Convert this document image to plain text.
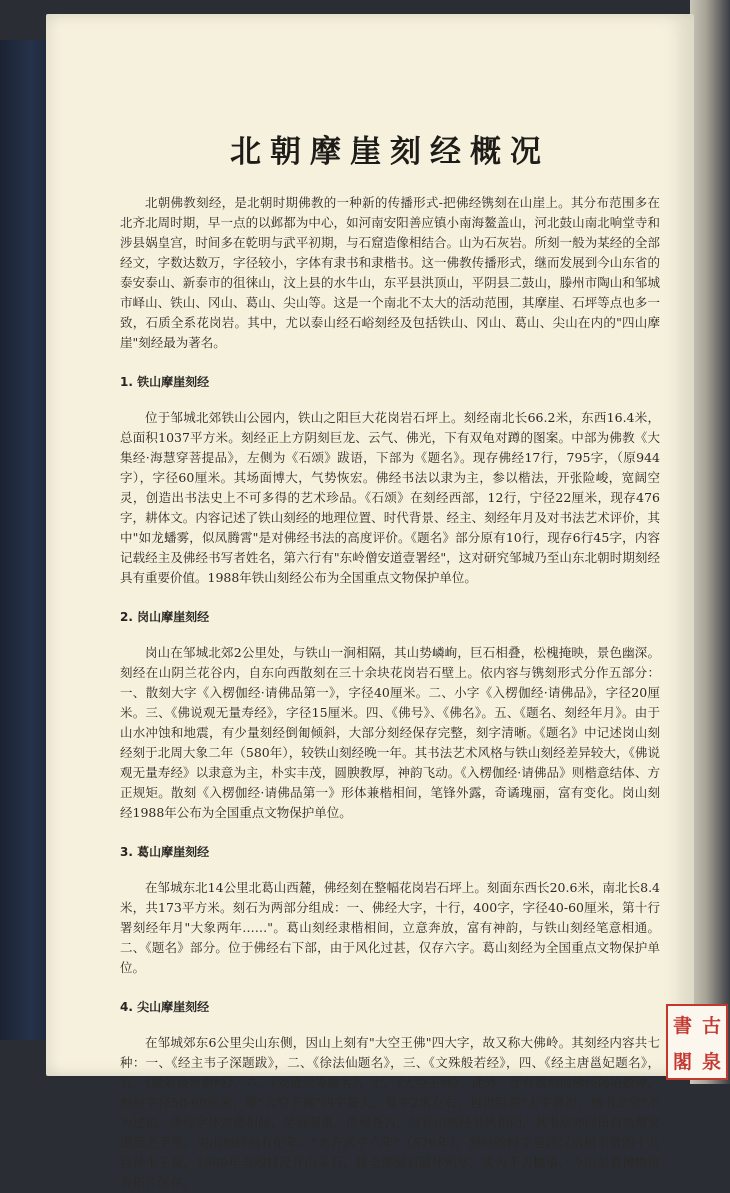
北朝摩崖刻经概况

北朝佛教刻经，是北朝时期佛教的一种新的传播形式-把佛经镌刻在山崖上。其分布范围多在北齐北周时期，早一点的以邺都为中心，如河南安阳善应镇小南海鳌盖山，河北鼓山南北响堂寺和涉县娲皇宫，时间多在乾明与武平初期，与石窟造像相结合。山为石灰岩。所刻一般为某经的全部经文，字数达数万，字径较小，字体有隶书和隶楷书。这一佛教传播形式，继而发展到今山东省的泰安泰山、新泰市的徂徕山，汶上县的水牛山，东平县洪顶山，平阴县二鼓山，滕州市陶山和邹城市峄山、铁山、冈山、葛山、尖山等。这是一个南北不太大的活动范围，其摩崖、石坪等点也多一致，石质全系花岗岩。其中，尤以泰山经石峪刻经及包括铁山、冈山、葛山、尖山在内的"四山摩崖"刻经最为著名。

1. 铁山摩崖刻经

位于邹城北郊铁山公园内，铁山之阳巨大花岗岩石坪上。刻经南北长66.2米，东西16.4米，总面积1037平方米。刻经正上方阴刻巨龙、云气、佛光，下有双龟对蹲的图案。中部为佛教《大集经·海慧穿菩提品》，左侧为《石颂》跋语，下部为《题名》。现存佛经17行，795字，（原944字），字径60厘米。其场面博大，气势恢宏。佛经书法以隶为主，参以楷法，开张险峻，宽阔空灵，创造出书法史上不可多得的艺术珍品。《石颂》在刻经西部，12行，宁径22厘米，现存476字，耕体文。内容记述了铁山刻经的地理位置、时代背景、经主、刻经年月及对书法艺术评价，其中"如龙蟠雾，似凤腾霄"是对佛经书法的高度评价。《题名》部分原有10行，现存6行45字，内容记载经主及佛经书写者姓名，第六行有"东岭僧安道壹署经"，这对研究邹城乃至山东北朝时期刻经具有重要价值。1988年铁山刻经公布为全国重点文物保护单位。

2. 岗山摩崖刻经

岗山在邹城北郊2公里处，与铁山一涧相隔，其山势嶙峋，巨石相叠，松槐掩映，景色幽深。刻经在山阴兰花谷内，自东向西散刻在三十余块花岗岩石壁上。依内容与镌刻形式分作五部分：一、散刻大字《入楞伽经·请佛品第一》，字径40厘米。二、小字《入楞伽经·请佛品》，字径20厘米。三、《佛说观无量寿经》，字径15厘米。四、《佛号》、《佛名》。五、《题名、刻经年月》。由于山水冲蚀和地震，有少量刻经倒匍倾斜，大部分刻经保存完整，刻字清晰。《题名》中记述岗山刻经刻于北周大象二年（580年），较铁山刻经晚一年。其书法艺术风格与铁山刻经差异较大，《佛说观无量寿经》以隶意为主，朴实丰茂，圆腴教厚，神韵飞动。《入楞伽经·请佛品》则楷意结体、方正规矩。散刻《入楞伽经·请佛品第一》形体兼楷相间，笔锋外露，奇谲瑰丽，富有变化。岗山刻经1988年公布为全国重点文物保护单位。

3. 葛山摩崖刻经

在邹城东北14公里北葛山西麓，佛经刻在整幅花岗岩石坪上。刻面东西长20.6米，南北长8.4米，共173平方米。刻石为两部分组成：一、佛经大字，十行，400字，字径40-60厘米，第十行署刻经年月"大象两年……"。葛山刻经隶楷相间，立意奔放，富有神韵，与铁山刻经笔意相通。二、《题名》部分。位于佛经右下部，由于风化过甚，仅存六字。葛山刻经为全国重点文物保护单位。

4. 尖山摩崖刻经

在邹城郊东6公里尖山东侧，因山上刻有"大空王佛"四大字，故又称大佛岭。其刻经内容共七种：一、《经主韦子深题跋》，二、《徐法仙题名》，三、《文殊般若经》，四、《经主唐邕妃题名》，五、《般若波罗密经》，六、《安道壹等题名》，七、《大空王佛》。此外，还有散刻的佛经偈语数种。刻经字径50-60厘米，唯"大空王佛"四字最大，每字2米左右，包世臣谓"大字鼻祖，榜书之宗"不为过也。佛经字体隶楷相间，笔画凝重，浑穆苍古，与铁山刻经书风相同，其书法亦同出自高僧安道壹之手笔。尖山刻经刻有纪年："北齐武平六年"（576年），刻经的经主是西汉丞相韦贤的十九世孙韦子深。1960年当地村民开山采石，将全部刻石破坏殆尽，实为千古憾事，今山东省博物馆有拓片保存。

書 古
閣 泉
